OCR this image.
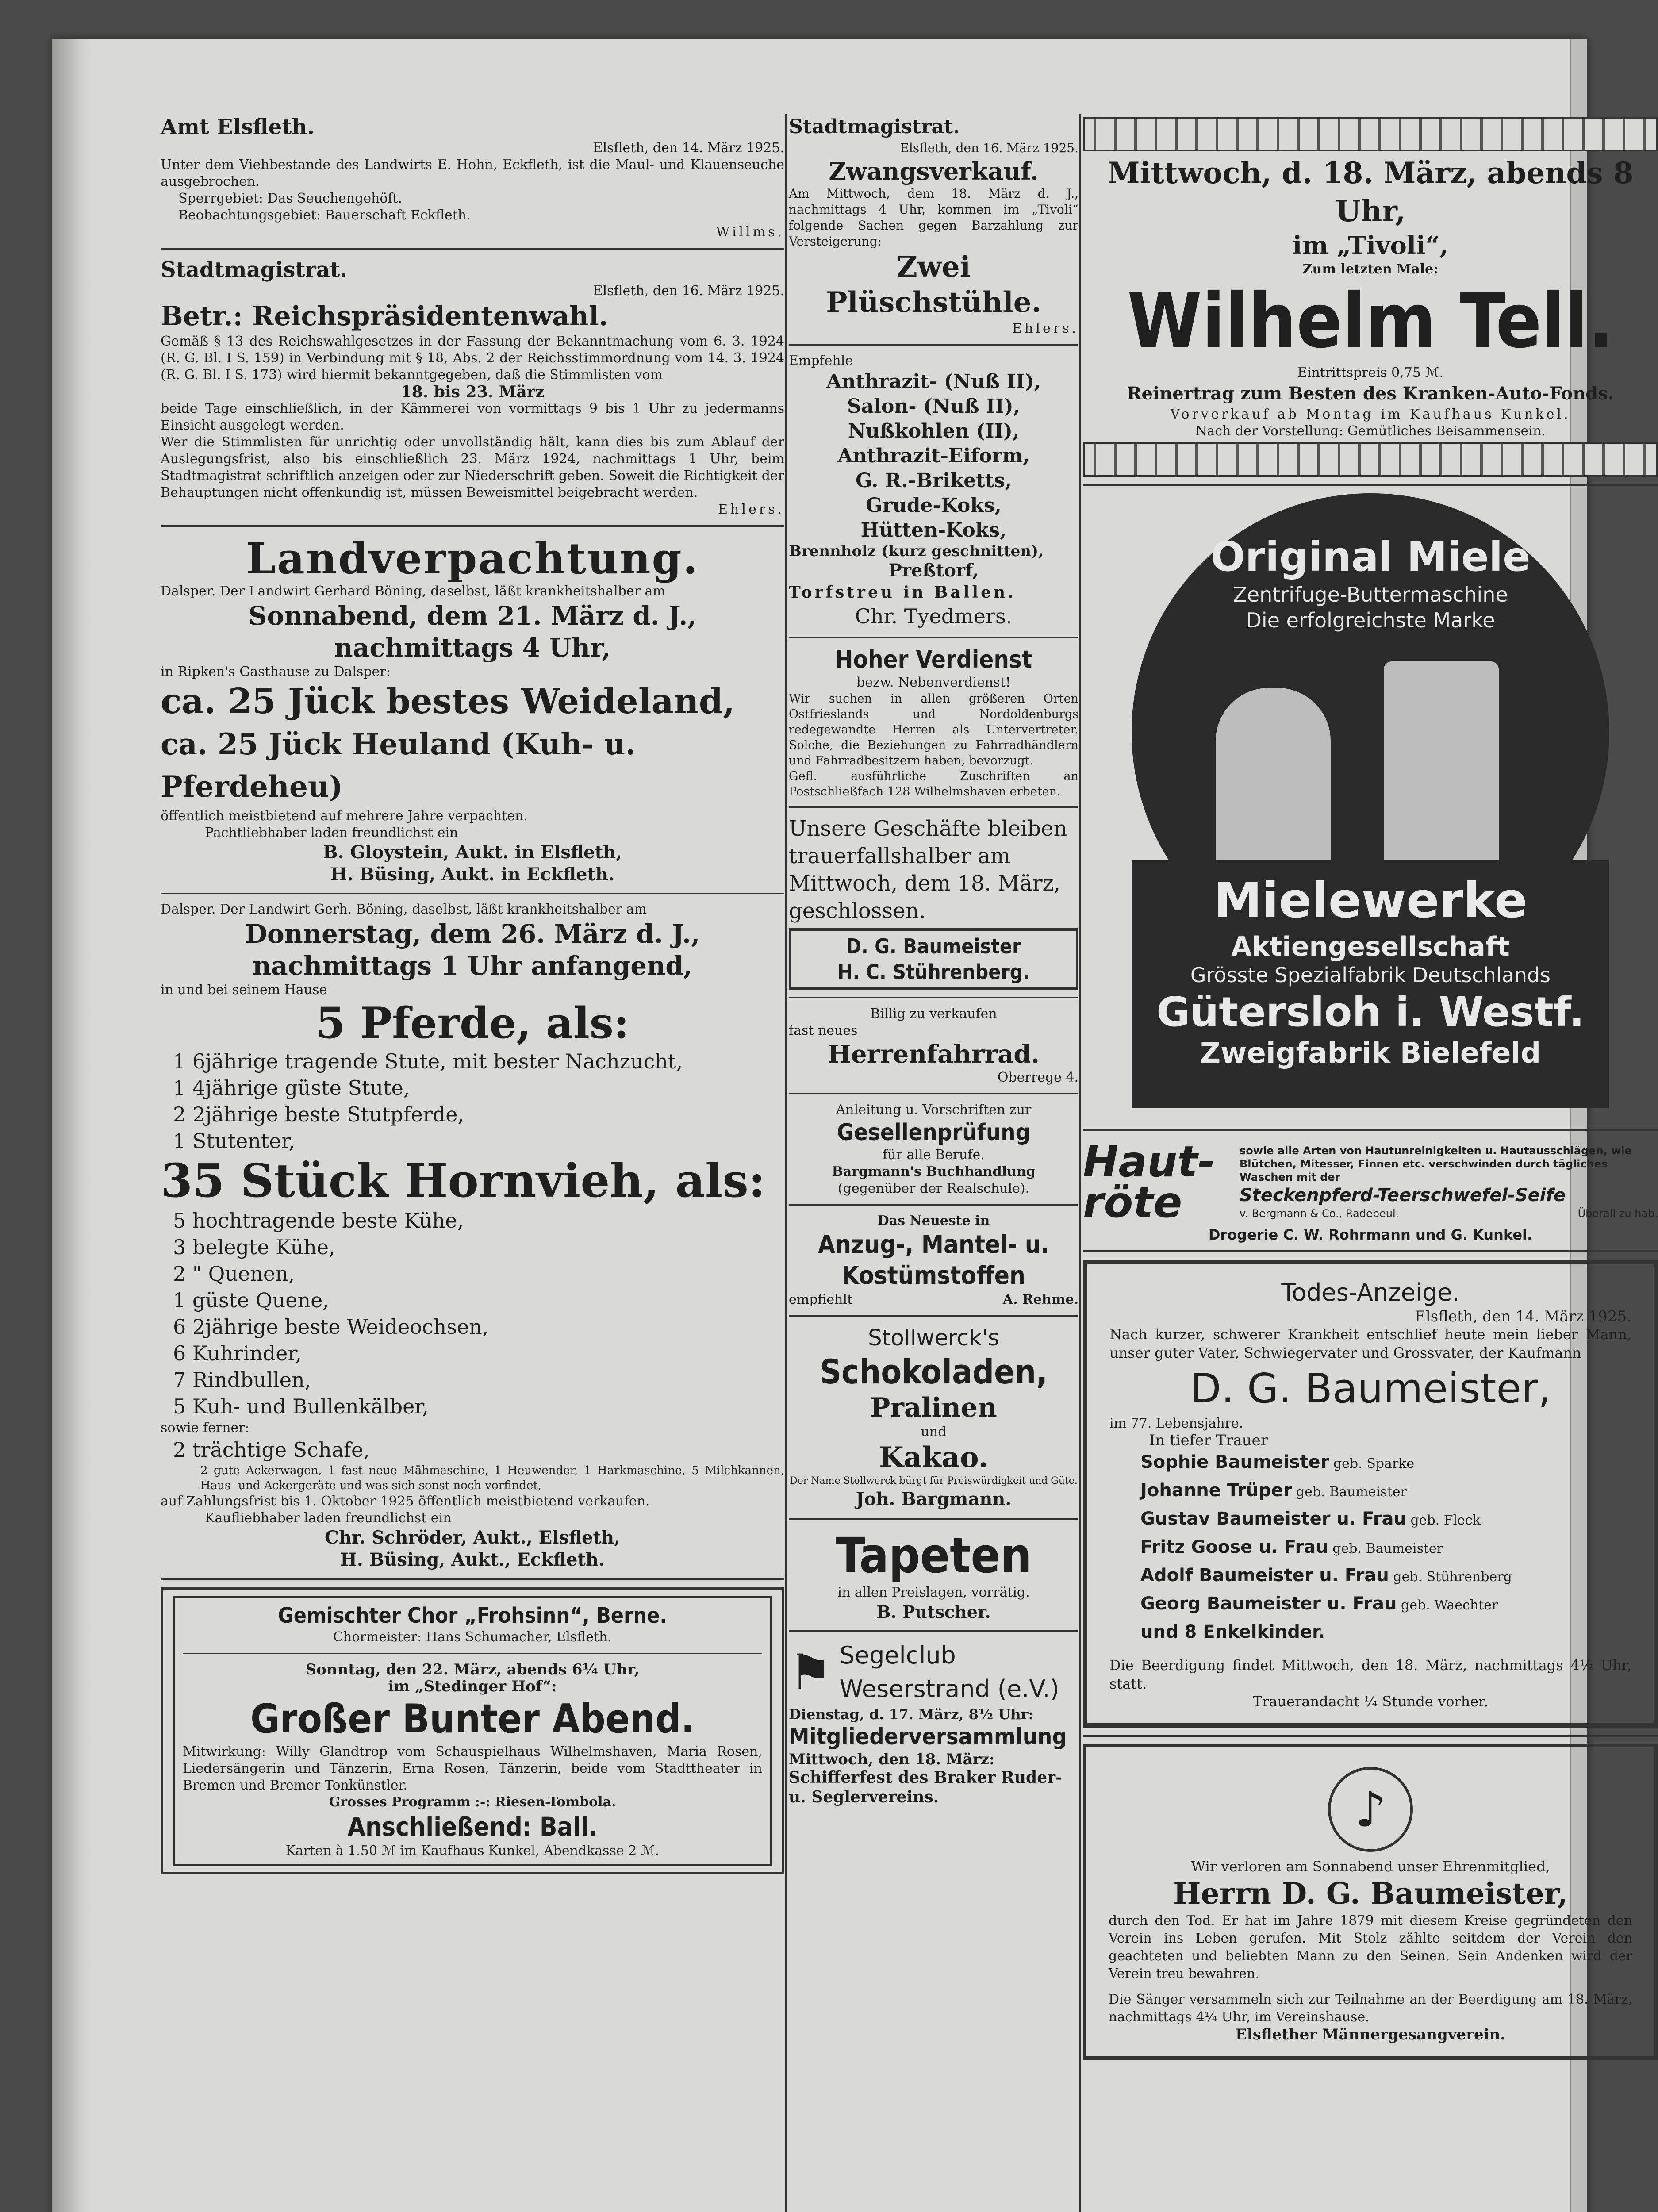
Amt Elsfleth.

Elsfleth, den 14. März 1925.

Unter dem Viehbestande des Landwirts E. Hohn, Eckfleth, ist die Maul- und Klauenseuche ausgebrochen.

Sperrgebiet: Das Seuchengehöft.

Beobachtungsgebiet: Bauerschaft Eckfleth.

Willms.

Stadtmagistrat.

Elsfleth, den 16. März 1925.

Betr.: Reichspräsidentenwahl.

Gemäß § 13 des Reichswahlgesetzes in der Fassung der Bekanntmachung vom 6. 3. 1924 (R. G. Bl. I S. 159) in Verbindung mit § 18, Abs. 2 der Reichsstimmordnung vom 14. 3. 1924 (R. G. Bl. I S. 173) wird hiermit bekanntgegeben, daß die Stimmlisten vom

18. bis 23. März

beide Tage einschließlich, in der Kämmerei von vormittags 9 bis 1 Uhr zu jedermanns Einsicht ausgelegt werden.

Wer die Stimmlisten für unrichtig oder unvollständig hält, kann dies bis zum Ablauf der Auslegungsfrist, also bis einschließlich 23. März 1924, nachmittags 1 Uhr, beim Stadtmagistrat schriftlich anzeigen oder zur Niederschrift geben. Soweit die Richtigkeit der Behauptungen nicht offenkundig ist, müssen Beweismittel beigebracht werden.

Ehlers.

Landverpachtung.

Dalsper. Der Landwirt Gerhard Böning, daselbst, läßt krankheitshalber am

Sonnabend, dem 21. März d. J.,

nachmittags 4 Uhr,

in Ripken's Gasthause zu Dalsper:

ca. 25 Jück bestes Weideland,

ca. 25 Jück Heuland (Kuh- u. Pferdeheu)

öffentlich meistbietend auf mehrere Jahre verpachten.

Pachtliebhaber laden freundlichst ein

B. Gloystein, Aukt. in Elsfleth,

H. Büsing, Aukt. in Eckfleth.

Dalsper. Der Landwirt Gerh. Böning, daselbst, läßt krankheitshalber am

Donnerstag, dem 26. März d. J.,

nachmittags 1 Uhr anfangend,

in und bei seinem Hause

5 Pferde, als:

1 6jährige tragende Stute, mit bester Nachzucht,

1 4jährige güste Stute,

2 2jährige beste Stutpferde,

1 Stutenter,

35 Stück Hornvieh, als:

5 hochtragende beste Kühe,

3 belegte Kühe,

2 " Quenen,

1 güste Quene,

6 2jährige beste Weideochsen,

6 Kuhrinder,

7 Rindbullen,

5 Kuh- und Bullenkälber,

sowie ferner:

2 trächtige Schafe,

2 gute Ackerwagen, 1 fast neue Mähmaschine, 1 Heuwender, 1 Harkmaschine, 5 Milchkannen, Haus- und Ackergeräte und was sich sonst noch vorfindet,

auf Zahlungsfrist bis 1. Oktober 1925 öffentlich meistbietend verkaufen.

Kaufliebhaber laden freundlichst ein

Chr. Schröder, Aukt., Elsfleth,

H. Büsing, Aukt., Eckfleth.

Gemischter Chor „Frohsinn“, Berne.

Chormeister: Hans Schumacher, Elsfleth.

Sonntag, den 22. März, abends 6¼ Uhr,

im „Stedinger Hof“:

Großer Bunter Abend.

Mitwirkung: Willy Glandtrop vom Schauspielhaus Wilhelmshaven, Maria Rosen, Liedersängerin und Tänzerin, Erna Rosen, Tänzerin, beide vom Stadttheater in Bremen und Bremer Tonkünstler.

Grosses Programm :-: Riesen-Tombola.

Anschließend: Ball.

Karten à 1.50 ℳ im Kaufhaus Kunkel, Abendkasse 2 ℳ.

Stadtmagistrat.

Elsfleth, den 16. März 1925.

Zwangsverkauf.

Am Mittwoch, dem 18. März d. J., nachmittags 4 Uhr, kommen im „Tivoli“ folgende Sachen gegen Barzahlung zur Versteigerung:

Zwei Plüschstühle.

Ehlers.

Empfehle

Anthrazit- (Nuß II),

Salon- (Nuß II),

Nußkohlen (II),

Anthrazit-Eiform,

G. R.-Briketts,

Grude-Koks,

Hütten-Koks,

Brennholz (kurz geschnitten),

Preßtorf,

Torfstreu in Ballen.

Chr. Tyedmers.

Hoher Verdienst

bezw. Nebenverdienst!

Wir suchen in allen größeren Orten Ostfrieslands und Nordoldenburgs redegewandte Herren als Untervertreter. Solche, die Beziehungen zu Fahrradhändlern und Fahrradbesitzern haben, bevorzugt.

Gefl. ausführliche Zuschriften an Postschließfach 128 Wilhelmshaven erbeten.

Unsere Geschäfte bleiben trauerfallshalber am Mittwoch, dem 18. März, geschlossen.

D. G. Baumeister

H. C. Stührenberg.

Billig zu verkaufen

fast neues

Herrenfahrrad.

Oberrege 4.

Anleitung u. Vorschriften zur

Gesellenprüfung

für alle Berufe.

Bargmann's Buchhandlung

(gegenüber der Realschule).

Das Neueste in

Anzug-, Mantel- u. Kostümstoffen

empfiehlt	A. Rehme.

Stollwerck's

Schokoladen,

Pralinen

und

Kakao.

Der Name Stollwerck bürgt für Preiswürdigkeit und Güte.

Joh. Bargmann.

Tapeten

in allen Preislagen, vorrätig.

B. Putscher.

⚑ Segelclub

Weserstrand (e.V.)

Dienstag, d. 17. März, 8½ Uhr:

Mitgliederversammlung

Mittwoch, den 18. März:

Schifferfest des Braker Ruder- u. Seglervereins.

Mittwoch, d. 18. März, abends 8 Uhr,

im „Tivoli“,

Zum letzten Male:

Wilhelm Tell.

Eintrittspreis 0,75 ℳ.

Reinertrag zum Besten des Kranken-Auto-Fonds.

Vorverkauf ab Montag im Kaufhaus Kunkel.

Nach der Vorstellung: Gemütliches Beisammensein.

Original Miele

Zentrifuge-Buttermaschine

Die erfolgreichste Marke

Mielewerke

Aktiengesellschaft

Grösste Spezialfabrik Deutschlands

Gütersloh i. Westf.

Zweigfabrik Bielefeld

Haut-röte

sowie alle Arten von Hautunreinigkeiten u. Hautausschlägen, wie Blütchen, Mitesser, Finnen etc. verschwinden durch tägliches Waschen mit der

Steckenpferd-Teerschwefel-Seife

v. Bergmann & Co., Radebeul.	Überall zu hab.

Drogerie C. W. Rohrmann und G. Kunkel.

Todes-Anzeige.

Elsfleth, den 14. März 1925.

Nach kurzer, schwerer Krankheit entschlief heute mein lieber Mann, unser guter Vater, Schwiegervater und Grossvater, der Kaufmann

D. G. Baumeister,

im 77. Lebensjahre.

In tiefer Trauer

Sophie Baumeister geb. Sparke

Johanne Trüper geb. Baumeister

Gustav Baumeister u. Frau geb. Fleck

Fritz Goose u. Frau geb. Baumeister

Adolf Baumeister u. Frau geb. Stührenberg

Georg Baumeister u. Frau geb. Waechter

und 8 Enkelkinder.

Die Beerdigung findet Mittwoch, den 18. März, nachmittags 4½ Uhr, statt.

Trauerandacht ¼ Stunde vorher.

♪

Wir verloren am Sonnabend unser Ehrenmitglied,

Herrn D. G. Baumeister,

durch den Tod. Er hat im Jahre 1879 mit diesem Kreise gegründeten den Verein ins Leben gerufen. Mit Stolz zählte seitdem der Verein den geachteten und beliebten Mann zu den Seinen. Sein Andenken wird der Verein treu bewahren.

Die Sänger versammeln sich zur Teilnahme an der Beerdigung am 18. März, nachmittags 4¼ Uhr, im Vereinshause.

Elsflether Männergesangverein.
